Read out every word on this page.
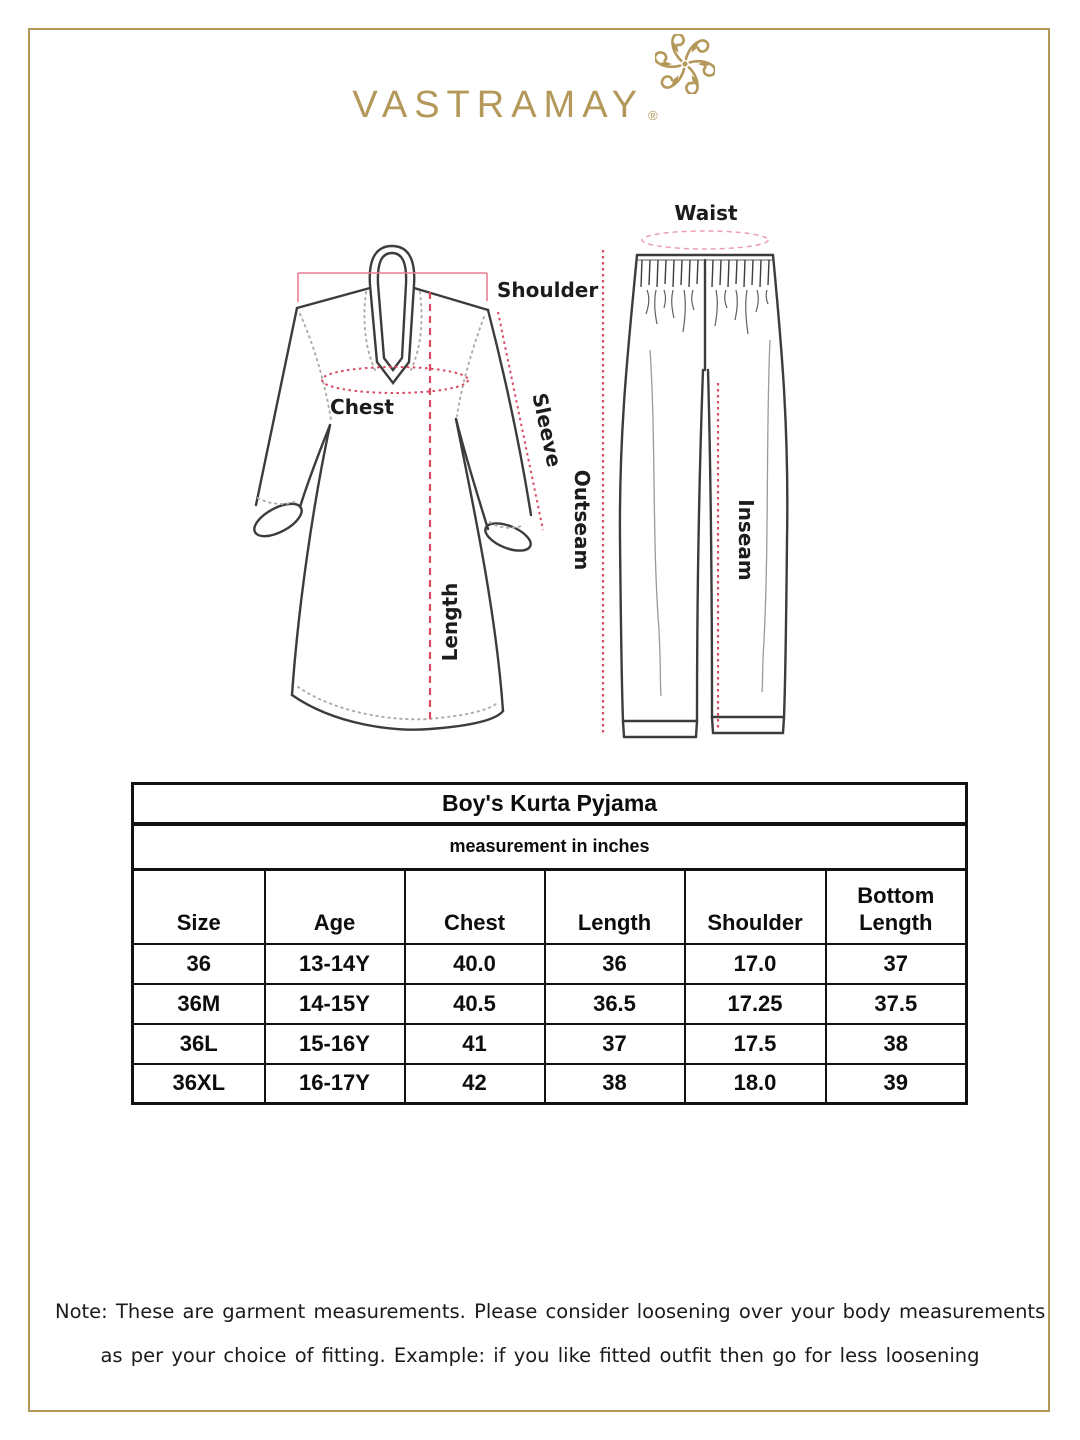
VASTRAMAY ®
Shoulder
Chest	Sleeve
Length
Waist
Outseam	Inseam
Boy's Kurta Pyjama					
measurement in inches					
Size	Age	Chest	Length	Shoulder	Bottom Length
36	13-14Y	40.0	36	17.0	37
36M	14-15Y	40.5	36.5	17.25	37.5
36L	15-16Y	41	37	17.5	38
36XL	16-17Y	42	38	18.0	39
Note: These are garment measurements. Please consider loosening over your body measurements
as per your choice of fitting. Example: if you like fitted outfit then go for less loosening
